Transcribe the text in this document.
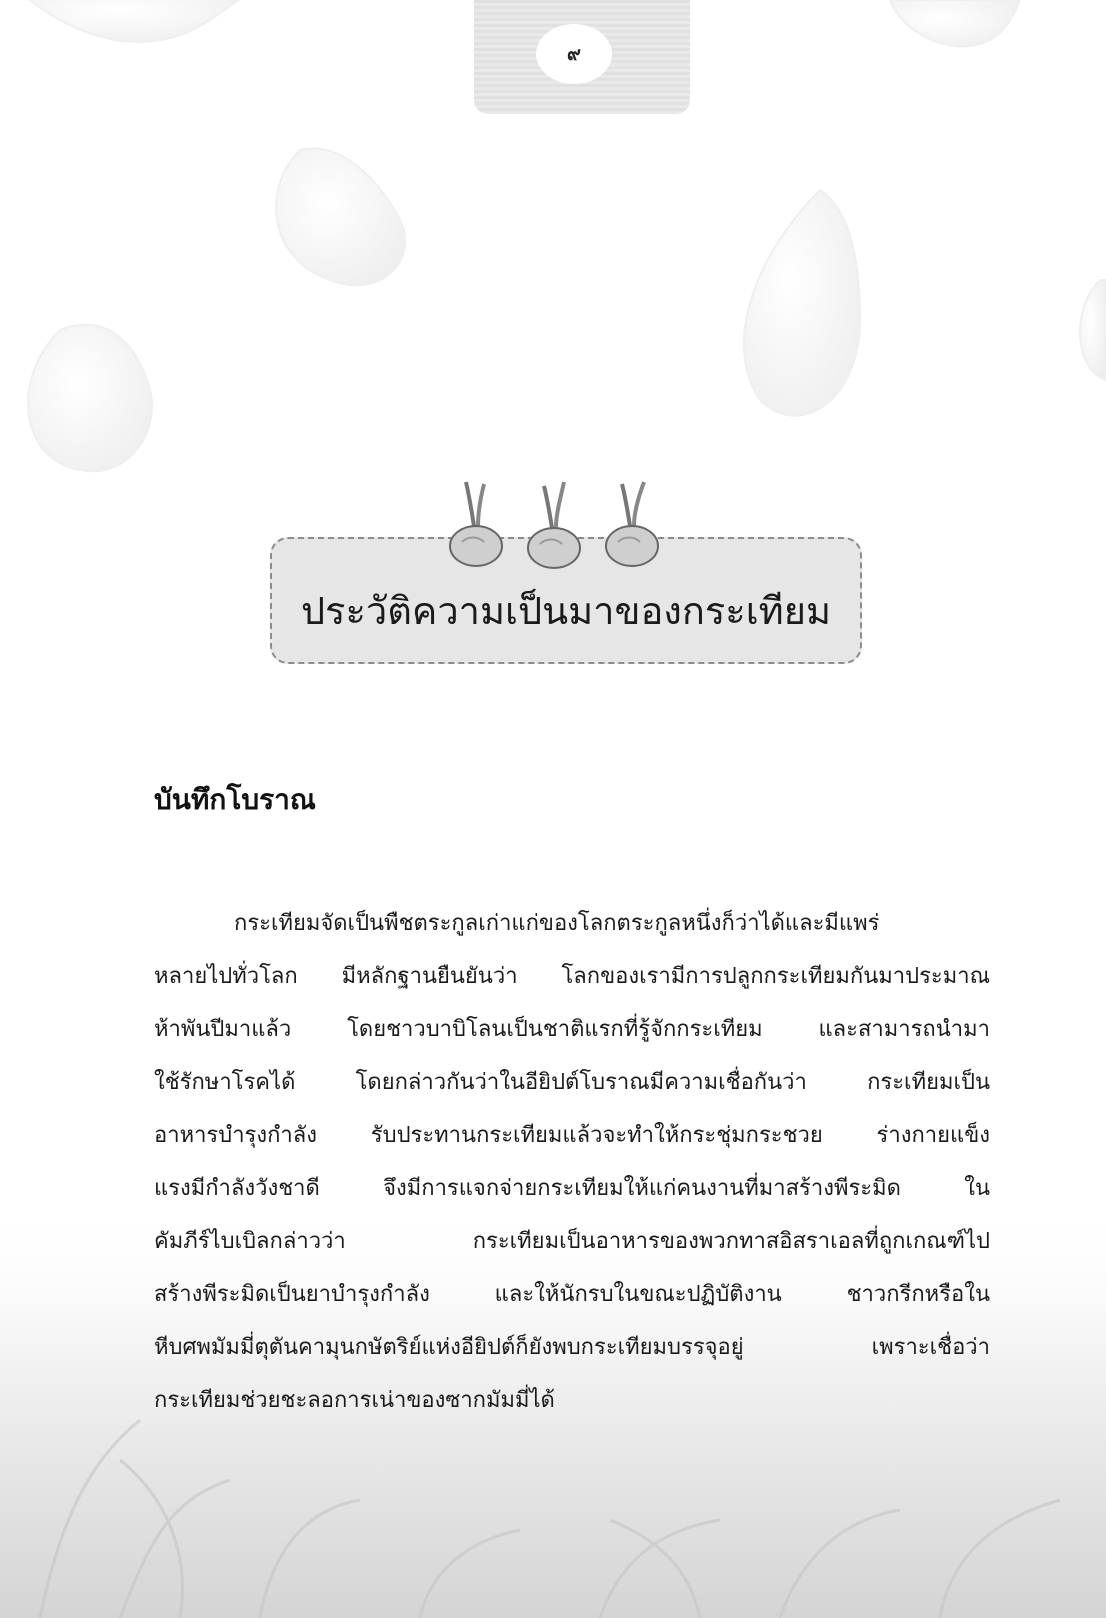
๙
ประวัติความเป็นมาของกระเทียม
บันทึกโบราณ
กระเทียมจัดเป็นพืชตระกูลเก่าแก่ของโลกตระกูลหนึ่งก็ว่าได้และมีแพร่
หลายไปทั่วโลก มีหลักฐานยืนยันว่า โลกของเรามีการปลูกกระเทียมกันมาประมาณ
ห้าพันปีมาแล้ว โดยชาวบาบิโลนเป็นชาติแรกที่รู้จักกระเทียม และสามารถนำมา
ใช้รักษาโรคได้ โดยกล่าวกันว่าในอียิปต์โบราณมีความเชื่อกันว่า กระเทียมเป็น
อาหารบำรุงกำลัง รับประทานกระเทียมแล้วจะทำให้กระชุ่มกระชวย ร่างกายแข็ง
แรงมีกำลังวังชาดี จึงมีการแจกจ่ายกระเทียมให้แก่คนงานที่มาสร้างพีระมิด ใน
คัมภีร์ไบเบิลกล่าวว่า กระเทียมเป็นอาหารของพวกทาสอิสราเอลที่ถูกเกณฑ์ไป
สร้างพีระมิดเป็นยาบำรุงกำลัง และให้นักรบในขณะปฏิบัติงาน ชาวกรีกหรือใน
หีบศพมัมมี่ตุตันคามุนกษัตริย์แห่งอียิปต์ก็ยังพบกระเทียมบรรจุอยู่ เพราะเชื่อว่า
กระเทียมช่วยชะลอการเน่าของซากมัมมี่ได้
